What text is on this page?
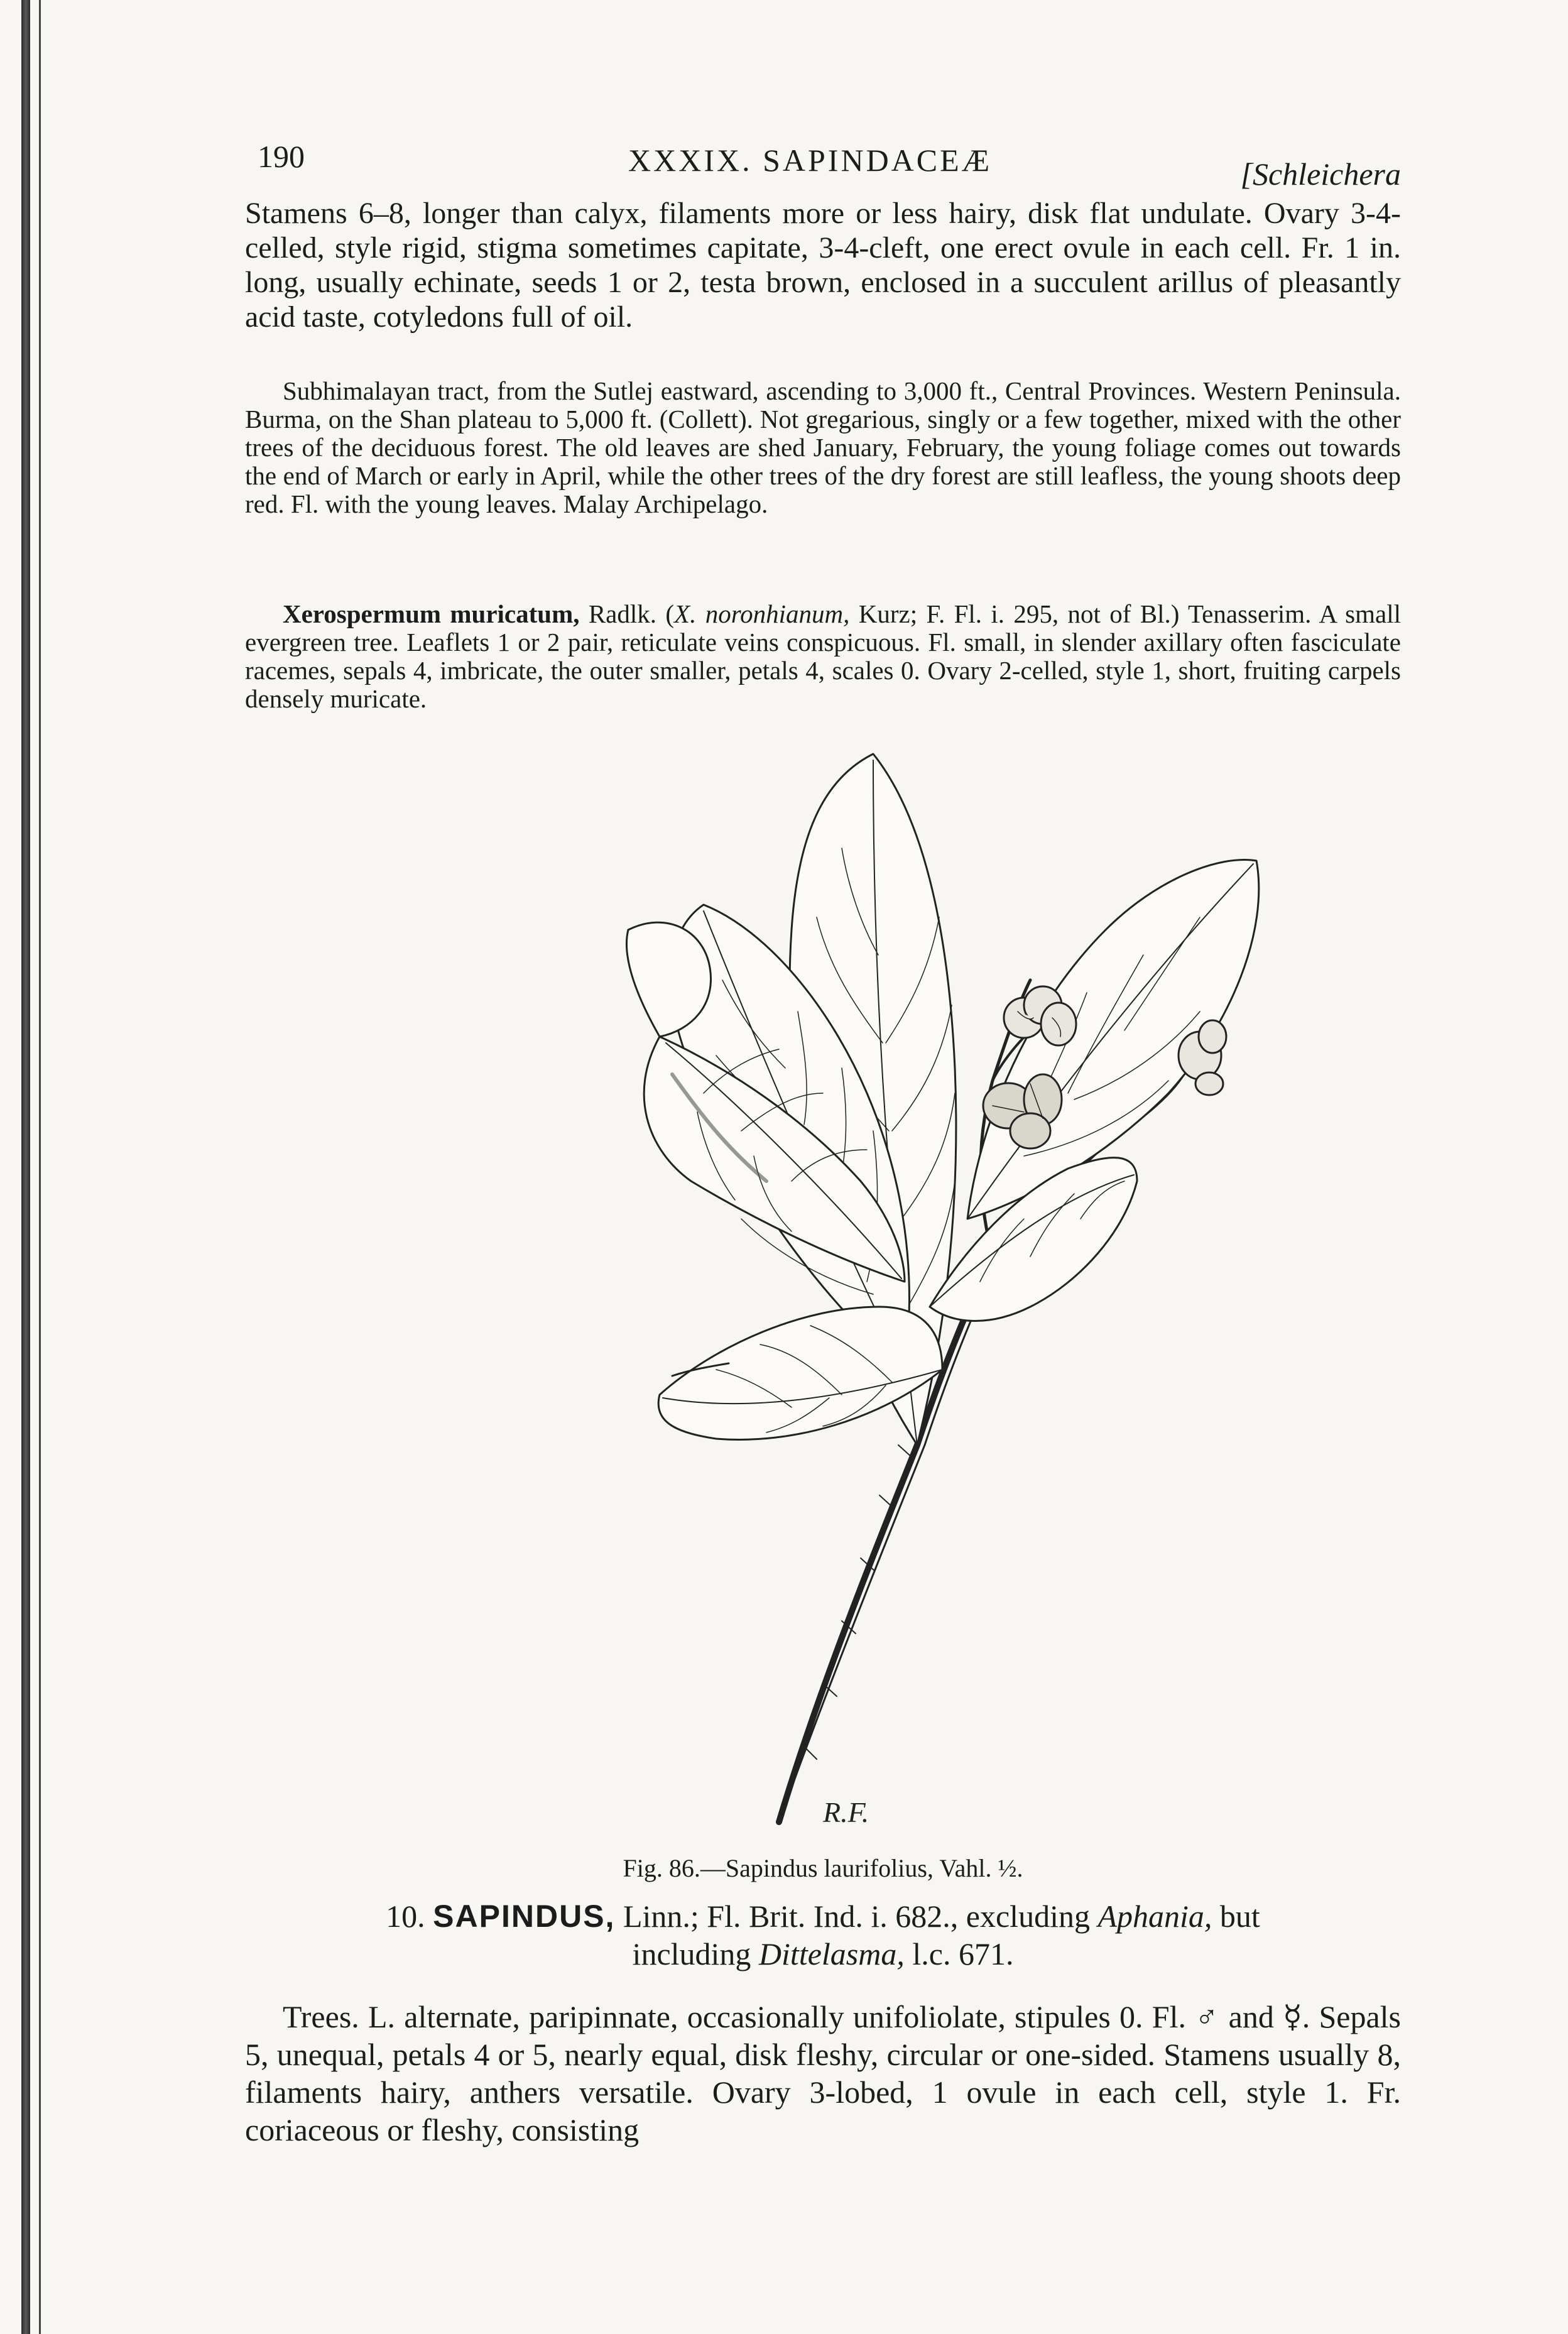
190	XXXIX. SAPINDACEÆ	[Schleichera
Stamens 6–8, longer than calyx, filaments more or less hairy, disk flat undulate. Ovary 3-4-celled, style rigid, stigma sometimes capitate, 3-4-cleft, one erect ovule in each cell. Fr. 1 in. long, usually echinate, seeds 1 or 2, testa brown, enclosed in a succulent arillus of pleasantly acid taste, cotyledons full of oil.
Subhimalayan tract, from the Sutlej eastward, ascending to 3,000 ft., Central Provinces. Western Peninsula. Burma, on the Shan plateau to 5,000 ft. (Collett). Not gregarious, singly or a few together, mixed with the other trees of the deciduous forest. The old leaves are shed January, February, the young foliage comes out towards the end of March or early in April, while the other trees of the dry forest are still leafless, the young shoots deep red. Fl. with the young leaves. Malay Archipelago.
Xerospermum muricatum, Radlk. (X. noronhianum, Kurz; F. Fl. i. 295, not of Bl.) Tenasserim. A small evergreen tree. Leaflets 1 or 2 pair, reticulate veins conspicuous. Fl. small, in slender axillary often fasciculate racemes, sepals 4, imbricate, the outer smaller, petals 4, scales 0. Ovary 2-celled, style 1, short, fruiting carpels densely muricate.
R.F.
Fig. 86.—Sapindus laurifolius, Vahl. ½.
10. SAPINDUS, Linn.; Fl. Brit. Ind. i. 682., excluding Aphania, but
including Dittelasma, l.c. 671.
Trees. L. alternate, paripinnate, occasionally unifoliolate, stipules 0. Fl. ♂ and ☿. Sepals 5, unequal, petals 4 or 5, nearly equal, disk fleshy, circular or one-sided. Stamens usually 8, filaments hairy, anthers versatile. Ovary 3-lobed, 1 ovule in each cell, style 1. Fr. coriaceous or fleshy, consisting
